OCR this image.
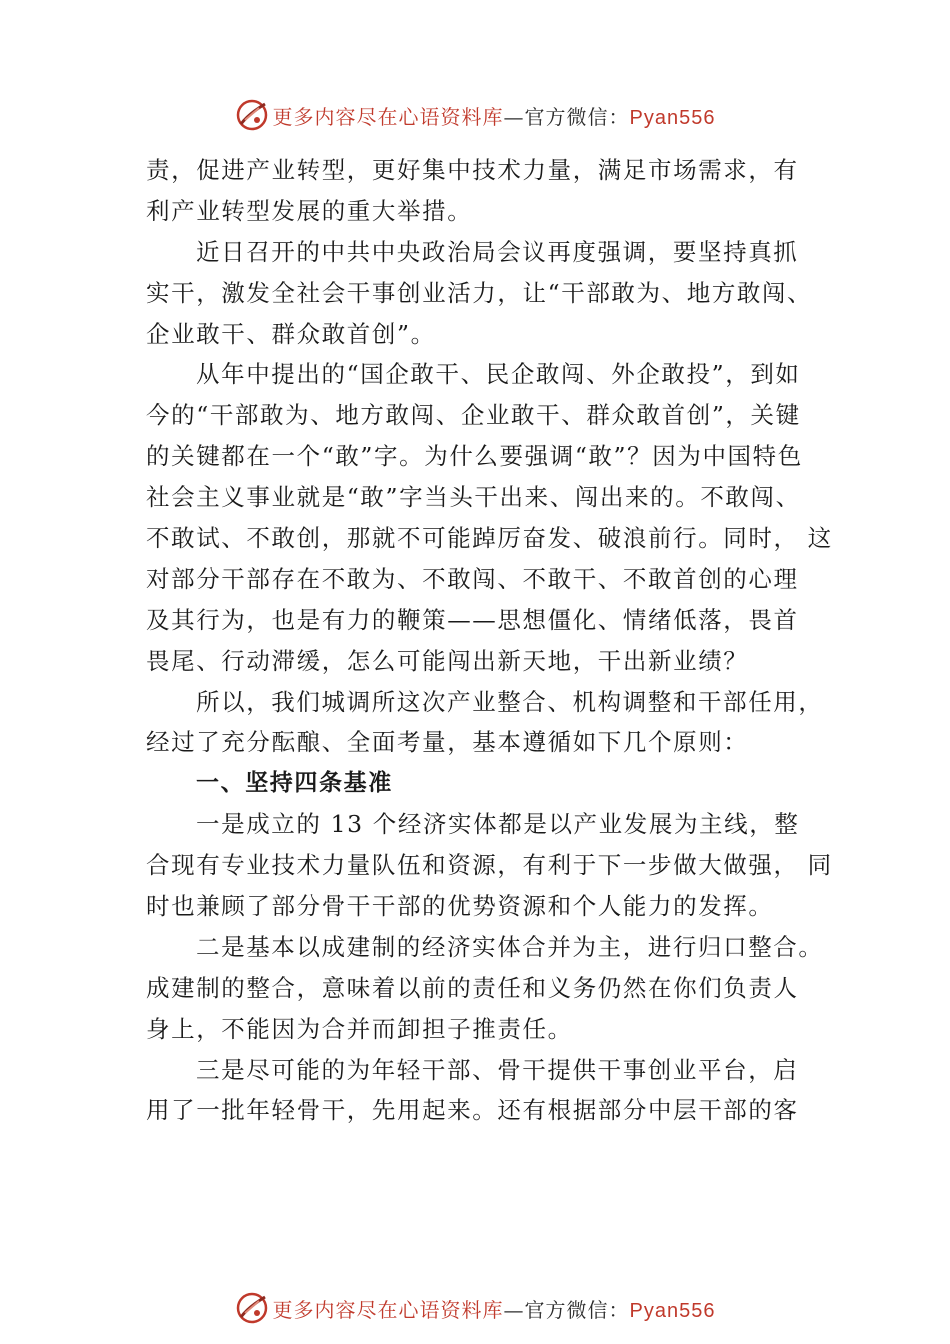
更多内容尽在心语资料库—官方微信：Pyan556
责，促进产业转型，更好集中技术力量，满足市场需求，有
利产业转型发展的重大举措。
近日召开的中共中央政治局会议再度强调，要坚持真抓
实干，激发全社会干事创业活力，让“干部敢为、地方敢闯、
企业敢干、群众敢首创”。
从年中提出的“国企敢干、民企敢闯、外企敢投”，到如
今的“干部敢为、地方敢闯、企业敢干、群众敢首创”，关键
的关键都在一个“敢”字。为什么要强调“敢”？因为中国特色
社会主义事业就是“敢”字当头干出来、闯出来的。不敢闯、
不敢试、不敢创，那就不可能踔厉奋发、破浪前行。同时， 这
对部分干部存在不敢为、不敢闯、不敢干、不敢首创的心理
及其行为，也是有力的鞭策——思想僵化、情绪低落，畏首
畏尾、行动滞缓，怎么可能闯出新天地，干出新业绩？
所以，我们城调所这次产业整合、机构调整和干部任用，
经过了充分酝酿、全面考量，基本遵循如下几个原则：
一、坚持四条基准
一是成立的 13 个经济实体都是以产业发展为主线，整
合现有专业技术力量队伍和资源，有利于下一步做大做强， 同
时也兼顾了部分骨干干部的优势资源和个人能力的发挥。
二是基本以成建制的经济实体合并为主，进行归口整合。
成建制的整合，意味着以前的责任和义务仍然在你们负责人
身上，不能因为合并而卸担子推责任。
三是尽可能的为年轻干部、骨干提供干事创业平台，启
用了一批年轻骨干，先用起来。还有根据部分中层干部的客
更多内容尽在心语资料库—官方微信：Pyan556
